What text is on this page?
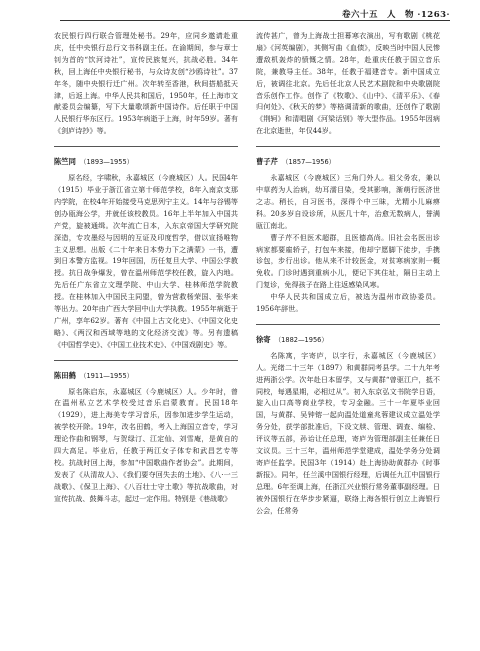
卷六十五　人　物 ·1263·

农民银行四行联合管理处秘书。29年，应同乡邀请赴重庆，任中央银行总行文书科副主任。在渝期间，参与章士钊为首的“饮河诗社”，宣传民族复兴，抗战必胜。34年秋，回上海任中央银行秘书，与众诗友创“沙鸥诗社”。37年冬，随中央银行迁广州。次年转至香港，秋间搭船抵天津，后返上海。中华人民共和国后，1950年，任上海市文献委员会编纂，写下大量歌颂新中国诗作。后任职于中国人民银行华东区行。1953年病逝于上海，时年59岁。著有《剑庐诗抄》等。

陈竺同 （1893—1955）

原名经，字啸秋，永嘉城区（今鹿城区）人。民国4年（1915）毕业于浙江省立第十师范学校，8年入南京支那内学院，在校4年开始接受马克思列宁主义。14年与谷锡等创办瓯海公学，并就任该校教员。16年上半年加入中国共产党，旋被通缉。次年流亡日本，入东京帝国大学研究院深造，专攻墨经与因明的互证及印度哲学，借以宣扬唯物主义思想。出版《二十年来日本势力下之满蒙》一书，遭到日本警方监视。19年回国，历任复旦大学、中国公学教授。抗日战争爆发，曾在温州师范学校任教，旋入内地。先后任广东省立文理学院、中山大学、桂林师范学院教授。在桂林加入中国民主同盟，曾为营救杨荣国、张华来等出力。20年由广西大学回中山大学执教。1955年病逝于广州，享年62岁。著有《中国上古文化史》、《中国文化史略》、《两汉和西域等地的文化经济交流》等。另有遗稿《中国哲学史》、《中国工业技术史》、《中国戏剧史》等。

陈田鹤 （1911—1955）

原名陈启东，永嘉城区（今鹿城区）人。少年时，曾在温州私立艺术学校受过音乐启蒙教育。民国18年（1929），进上海美专学习音乐，因参加进步学生运动，被学校开除。19年，改名田鹤，考入上海国立音专，学习理论作曲和钢琴，与贺绿汀、江定仙、刘雪庵，是黄自的四大高足。毕业后，任教于两江女子体专和武昌艺专等校。抗战时回上海，参加“中国歌曲作者协会”。此期间，发表了《从清故人》、《我们要夺回失去的土地》、《八·一三战歌》、《保卫上海》、《八百壮士守土歌》等抗战歌曲，对宣传抗战、鼓舞斗志，起过一定作用。特别是《巷战歌》

流传甚广，曾为上海战士担幕寒衣演出，写有歌剧《桃花扇》《河英编剧），其侧写曲《血债》，反映当时中国人民惨遭敌机轰炸的愤慨之情。28年，赴重庆任教于国立音乐院，兼教导主任。38年，任教于福建音专。新中国成立后，被调往北京。先后任北京人民艺术剧院和中央歌剧院音乐创作工作。创作了《牧歌》、《山中》、《清平乐》、《春归何处》、《秋天的梦》等格调清新的歌曲，还创作了歌剧《荆轲》和清唱剧《河梁话别》等大型作品。1955年因病在北京逝世，年仅44岁。

曹子芹 （1857—1956）

永嘉城区（今鹿城区）三角门外人。祖父务农，兼以中草药为人治病，幼耳濡目染，受其影响，渐萌行医济世之志。稍长，自习医书，深得个中三昧，尤精小儿麻痹科。20多岁自设诊所，从医几十年，治愈无数病人，誉满瓯江南北。

曹子芹不但医术超群，且医德高尚。旧社会名医出诊病家都要雇轿子，打包车来接，他却宁愿脚下徒步，手携诊包，步行出诊。他从来不计较医金，对贫寒病家则一概免收。门诊时遇到重病小儿，便记下其住址，隔日主动上门复诊，免得孩子在路上往返感染风寒。

中华人民共和国成立后，被选为温州市政协委员。1956年辞世。

徐寄 （1882—1956）

名陈寓，字寄庐，以字行，永嘉城区（今鹿城区）人。光绪二十三年（1897）和黄群同考县学。二十九年考进两浙公学。次年赴日本留学，又与黄群“曾驱江户，抵不同校，每遇星期，必相过从”。初入东京弘文书院学日语，旋入山口高等商业学校，专习金融。三十一年夏毕业回国，与黄群、吴钟镕一起向温处道童兆蓉建议成立温处学务分处，获学部批准后，下设文牍、管理、调查、编检、评议等五部，孙诒让任总理，寄庐为管理部副主任兼任日文议员。三十三年，温州师范学堂建成，温处学务分处调寄庐任监学。民国3年（1914）赴上海协助黄群办《时事新报》。同年，任兰溪中国银行经理，后调任九江中国银行总理。6年至调上海，任浙江兴业银行常务董事副经理。日被外国银行在华步步紧逼，联络上海各银行创立上海银行公会，任常务
